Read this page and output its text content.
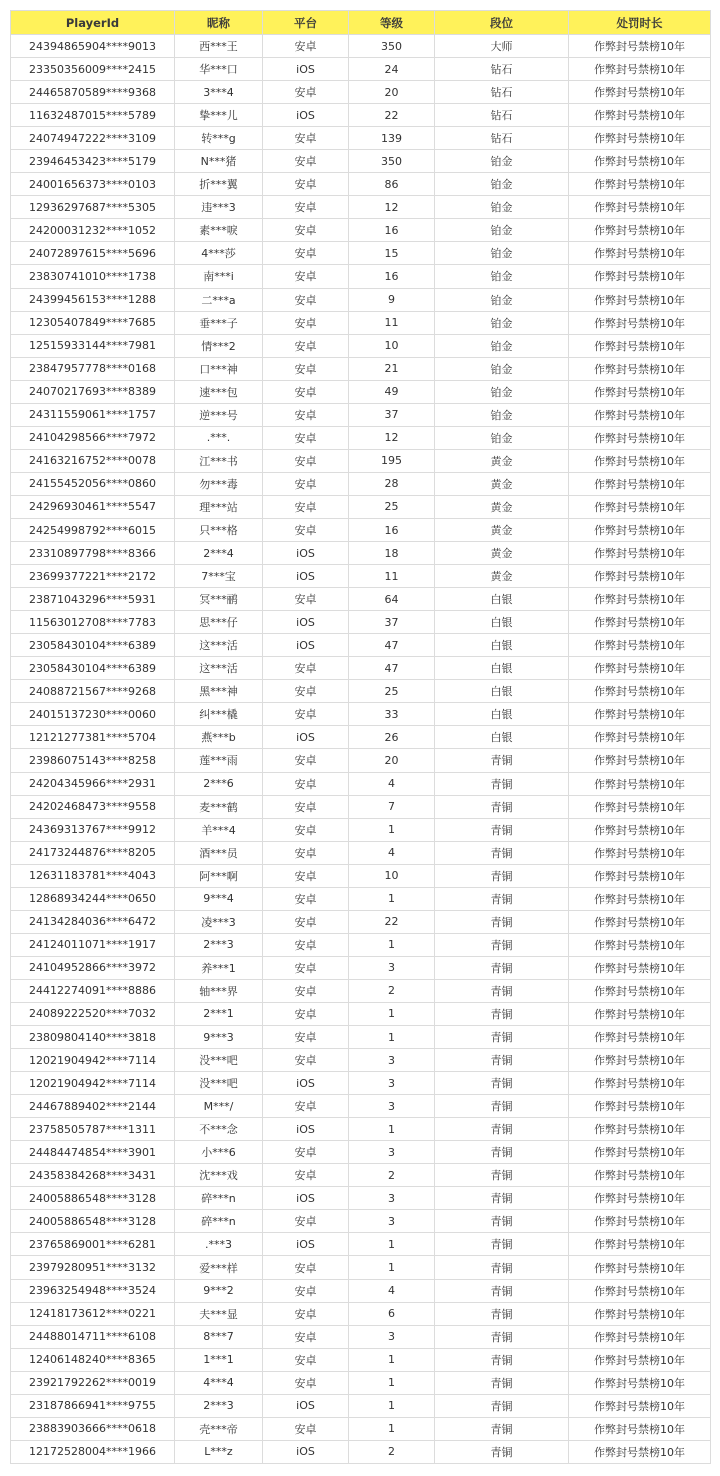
PlayerId	昵称	平台	等级	段位	处罚时长
24394865904****9013	西***王	安卓	350	大师	作弊封号禁榜10年
23350356009****2415	华***口	iOS	24	钻石	作弊封号禁榜10年
24465870589****9368	3***4	安卓	20	钻石	作弊封号禁榜10年
11632487015****5789	挚***儿	iOS	22	钻石	作弊封号禁榜10年
24074947222****3109	转***g	安卓	139	钻石	作弊封号禁榜10年
23946453423****5179	N***猪	安卓	350	铂金	作弊封号禁榜10年
24001656373****0103	折***翼	安卓	86	铂金	作弊封号禁榜10年
12936297687****5305	违***3	安卓	12	铂金	作弊封号禁榜10年
24200031232****1052	素***唳	安卓	16	铂金	作弊封号禁榜10年
24072897615****5696	4***莎	安卓	15	铂金	作弊封号禁榜10年
23830741010****1738	南***i	安卓	16	铂金	作弊封号禁榜10年
24399456153****1288	二***a	安卓	9	铂金	作弊封号禁榜10年
12305407849****7685	垂***子	安卓	11	铂金	作弊封号禁榜10年
12515933144****7981	情***2	安卓	10	铂金	作弊封号禁榜10年
23847957778****0168	口***神	安卓	21	铂金	作弊封号禁榜10年
24070217693****8389	速***包	安卓	49	铂金	作弊封号禁榜10年
24311559061****1757	逆***号	安卓	37	铂金	作弊封号禁榜10年
24104298566****7972	.***.	安卓	12	铂金	作弊封号禁榜10年
24163216752****0078	江***书	安卓	195	黄金	作弊封号禁榜10年
24155452056****0860	勿***毒	安卓	28	黄金	作弊封号禁榜10年
24296930461****5547	理***站	安卓	25	黄金	作弊封号禁榜10年
24254998792****6015	只***格	安卓	16	黄金	作弊封号禁榜10年
23310897798****8366	2***4	iOS	18	黄金	作弊封号禁榜10年
23699377221****2172	7***宝	iOS	11	黄金	作弊封号禁榜10年
23871043296****5931	冥***鹂	安卓	64	白银	作弊封号禁榜10年
11563012708****7783	思***仔	iOS	37	白银	作弊封号禁榜10年
23058430104****6389	这***活	iOS	47	白银	作弊封号禁榜10年
23058430104****6389	这***活	安卓	47	白银	作弊封号禁榜10年
24088721567****9268	黑***神	安卓	25	白银	作弊封号禁榜10年
24015137230****0060	纠***橇	安卓	33	白银	作弊封号禁榜10年
12121277381****5704	燕***b	iOS	26	白银	作弊封号禁榜10年
23986075143****8258	莲***雨	安卓	20	青铜	作弊封号禁榜10年
24204345966****2931	2***6	安卓	4	青铜	作弊封号禁榜10年
24202468473****9558	麦***鹤	安卓	7	青铜	作弊封号禁榜10年
24369313767****9912	羊***4	安卓	1	青铜	作弊封号禁榜10年
24173244876****8205	酒***员	安卓	4	青铜	作弊封号禁榜10年
12631183781****4043	阿***啊	安卓	10	青铜	作弊封号禁榜10年
12868934244****0650	9***4	安卓	1	青铜	作弊封号禁榜10年
24134284036****6472	凌***3	安卓	22	青铜	作弊封号禁榜10年
24124011071****1917	2***3	安卓	1	青铜	作弊封号禁榜10年
24104952866****3972	养***1	安卓	3	青铜	作弊封号禁榜10年
24412274091****8886	轴***界	安卓	2	青铜	作弊封号禁榜10年
24089222520****7032	2***1	安卓	1	青铜	作弊封号禁榜10年
23809804140****3818	9***3	安卓	1	青铜	作弊封号禁榜10年
12021904942****7114	没***吧	安卓	3	青铜	作弊封号禁榜10年
12021904942****7114	没***吧	iOS	3	青铜	作弊封号禁榜10年
24467889402****2144	M***/	安卓	3	青铜	作弊封号禁榜10年
23758505787****1311	不***念	iOS	1	青铜	作弊封号禁榜10年
24484474854****3901	小***6	安卓	3	青铜	作弊封号禁榜10年
24358384268****3431	沈***戏	安卓	2	青铜	作弊封号禁榜10年
24005886548****3128	碎***n	iOS	3	青铜	作弊封号禁榜10年
24005886548****3128	碎***n	安卓	3	青铜	作弊封号禁榜10年
23765869001****6281	.***3	iOS	1	青铜	作弊封号禁榜10年
23979280951****3132	爱***样	安卓	1	青铜	作弊封号禁榜10年
23963254948****3524	9***2	安卓	4	青铜	作弊封号禁榜10年
12418173612****0221	夫***显	安卓	6	青铜	作弊封号禁榜10年
24488014711****6108	8***7	安卓	3	青铜	作弊封号禁榜10年
12406148240****8365	1***1	安卓	1	青铜	作弊封号禁榜10年
23921792262****0019	4***4	安卓	1	青铜	作弊封号禁榜10年
23187866941****9755	2***3	iOS	1	青铜	作弊封号禁榜10年
23883903666****0618	壳***帝	安卓	1	青铜	作弊封号禁榜10年
12172528004****1966	L***z	iOS	2	青铜	作弊封号禁榜10年
